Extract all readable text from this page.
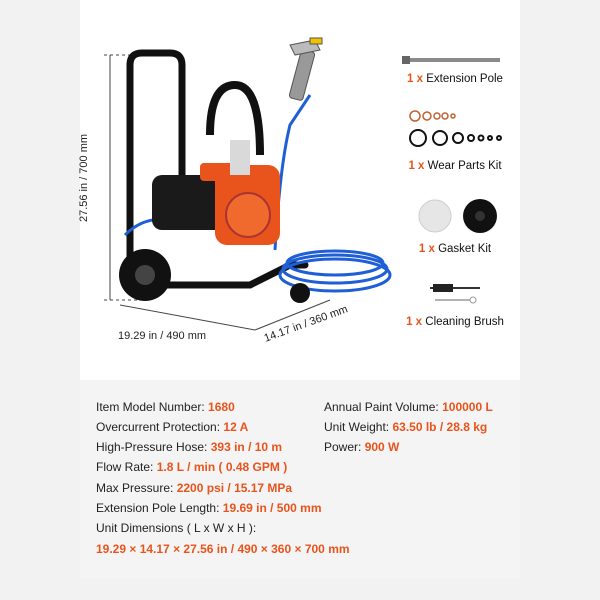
27.56 in / 700 mm
19.29 in / 490 mm	14.17 in / 360 mm
1 x Extension Pole
1 x Wear Parts Kit
1 x Gasket Kit
1 x Cleaning Brush
Item Model Number: 1680
Overcurrent Protection: 12 A
High-Pressure Hose: 393 in / 10 m
Flow Rate: 1.8 L / min ( 0.48 GPM )
Max Pressure: 2200 psi / 15.17 MPa
Extension Pole Length: 19.69 in / 500 mm
Unit Dimensions ( L x W x H ):
19.29 × 14.17 × 27.56 in / 490 × 360 × 700 mm
Annual Paint Volume: 100000 L
Unit Weight: 63.50 lb / 28.8 kg
Power: 900 W
